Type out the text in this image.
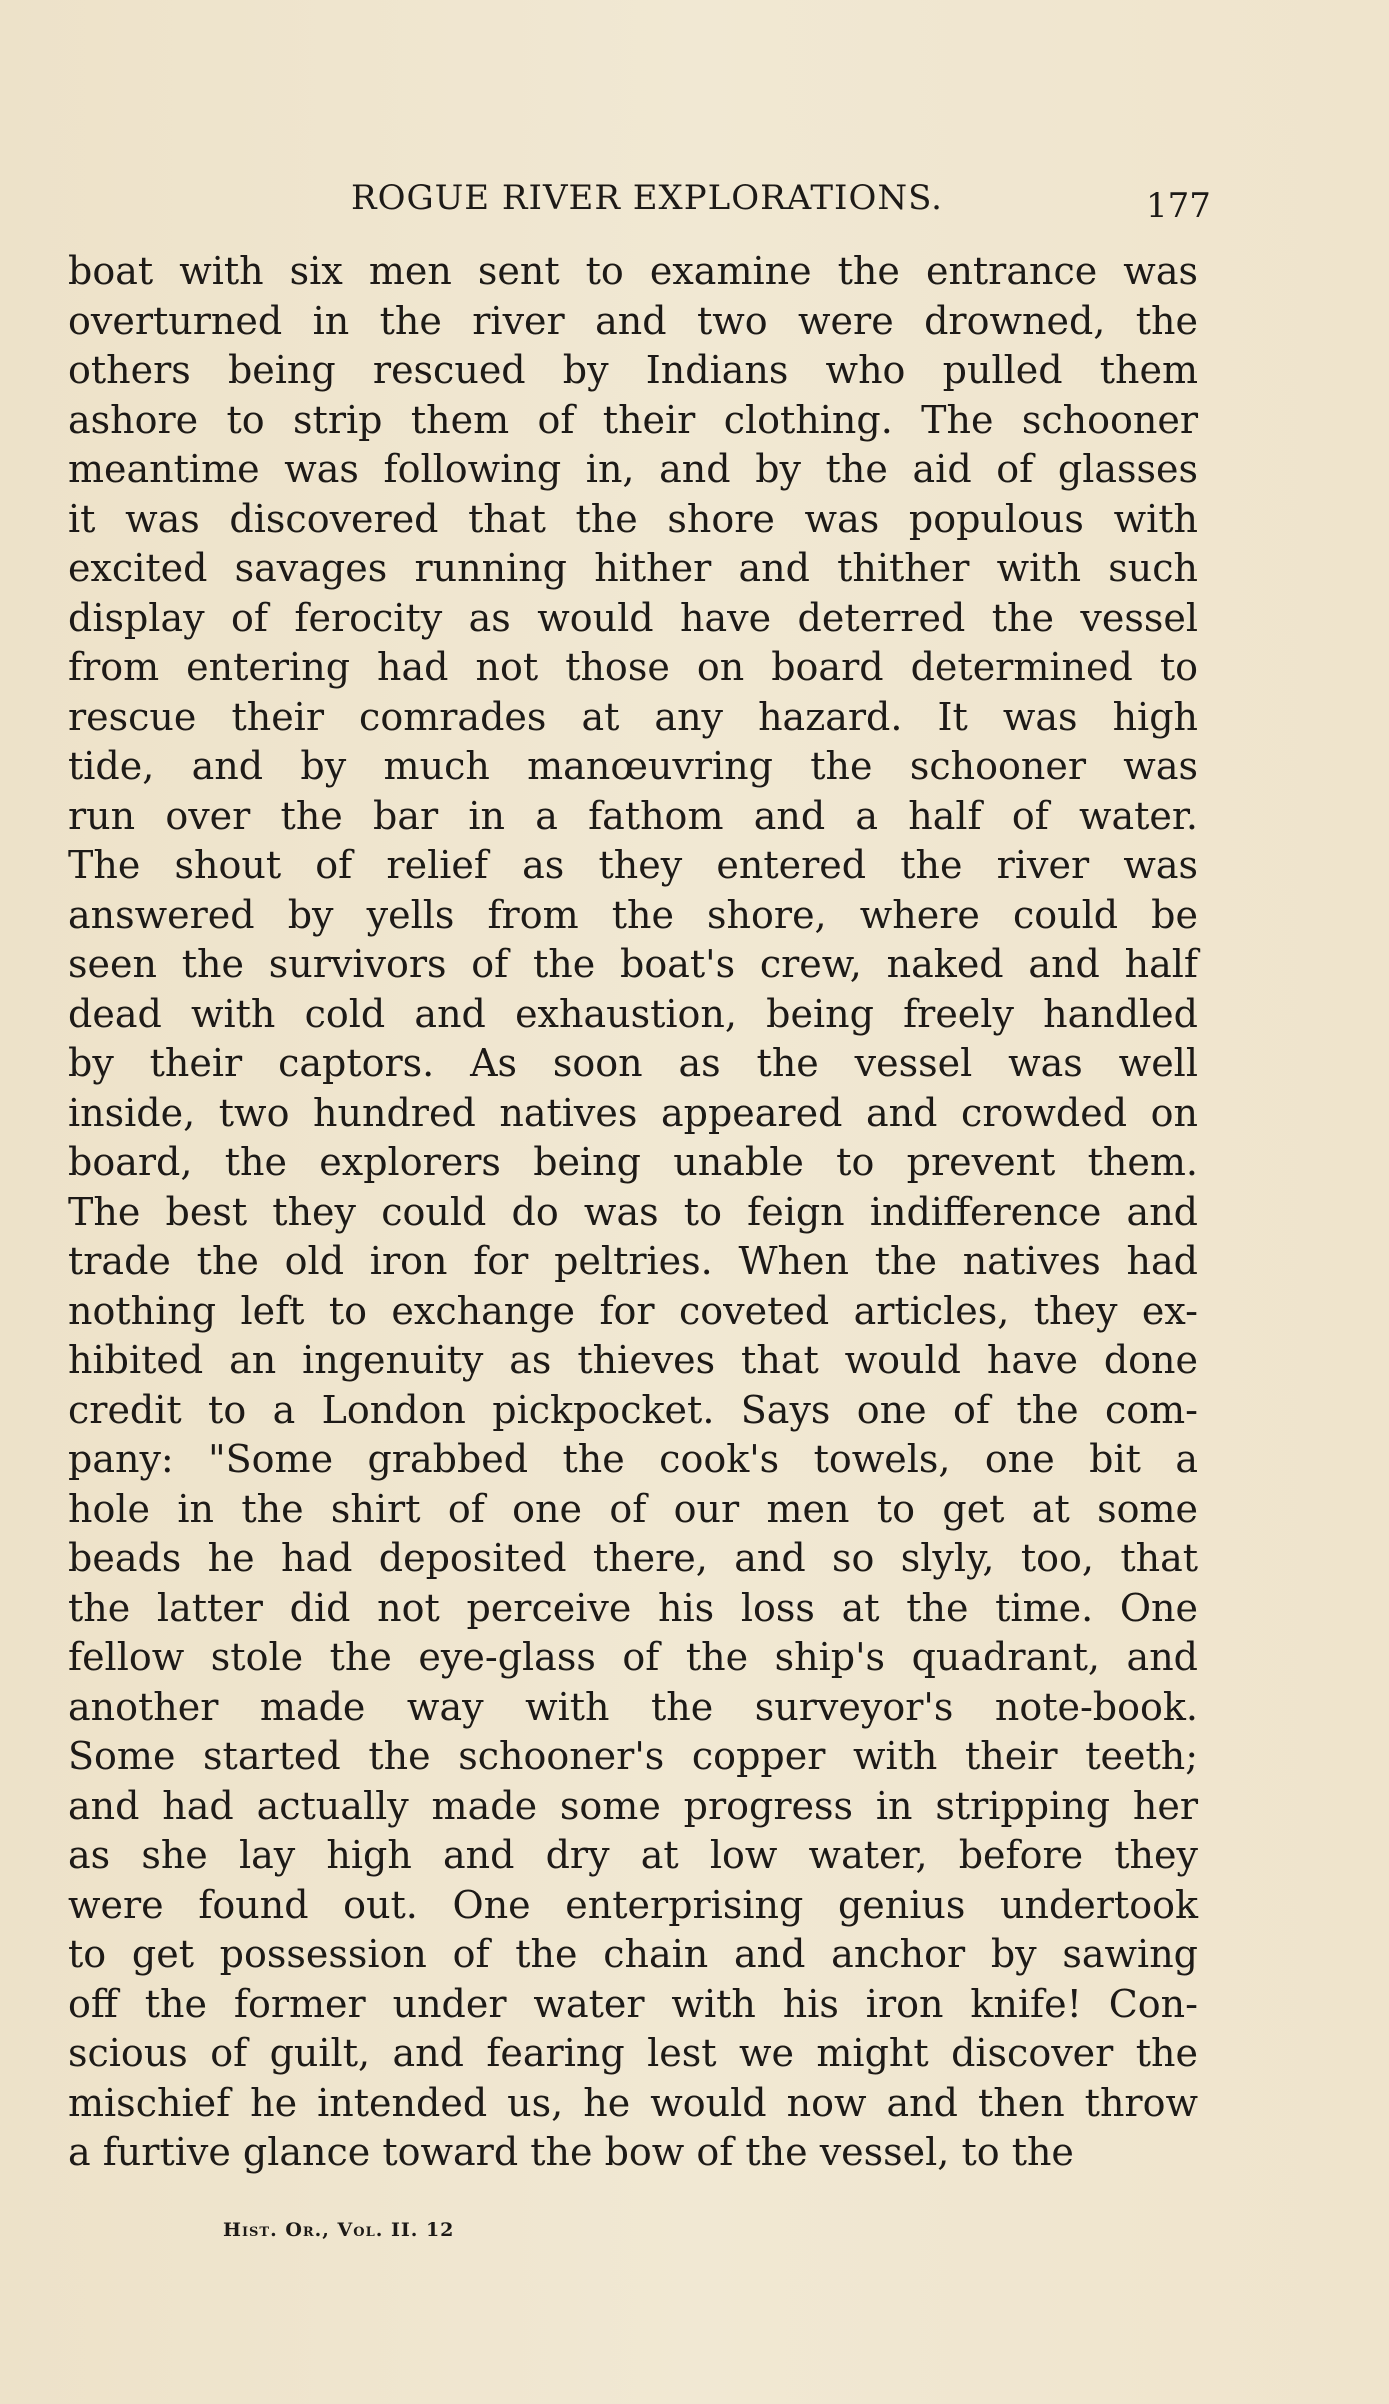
ROGUE RIVER EXPLORATIONS.	177
boat with six men sent to examine the entrance was
overturned in the river and two were drowned, the
others being rescued by Indians who pulled them
ashore to strip them of their clothing. The schooner
meantime was following in, and by the aid of glasses
it was discovered that the shore was populous with
excited savages running hither and thither with such
display of ferocity as would have deterred the vessel
from entering had not those on board determined to
rescue their comrades at any hazard. It was high
tide, and by much manœuvring the schooner was
run over the bar in a fathom and a half of water.
The shout of relief as they entered the river was
answered by yells from the shore, where could be
seen the survivors of the boat's crew, naked and half
dead with cold and exhaustion, being freely handled
by their captors. As soon as the vessel was well
inside, two hundred natives appeared and crowded on
board, the explorers being unable to prevent them.
The best they could do was to feign indifference and
trade the old iron for peltries. When the natives had
nothing left to exchange for coveted articles, they ex-
hibited an ingenuity as thieves that would have done
credit to a London pickpocket. Says one of the com-
pany: "Some grabbed the cook's towels, one bit a
hole in the shirt of one of our men to get at some
beads he had deposited there, and so slyly, too, that
the latter did not perceive his loss at the time. One
fellow stole the eye-glass of the ship's quadrant, and
another made way with the surveyor's note-book.
Some started the schooner's copper with their teeth;
and had actually made some progress in stripping her
as she lay high and dry at low water, before they
were found out. One enterprising genius undertook
to get possession of the chain and anchor by sawing
off the former under water with his iron knife! Con-
scious of guilt, and fearing lest we might discover the
mischief he intended us, he would now and then throw
a furtive glance toward the bow of the vessel, to the
Hist. Or., Vol. II. 12
